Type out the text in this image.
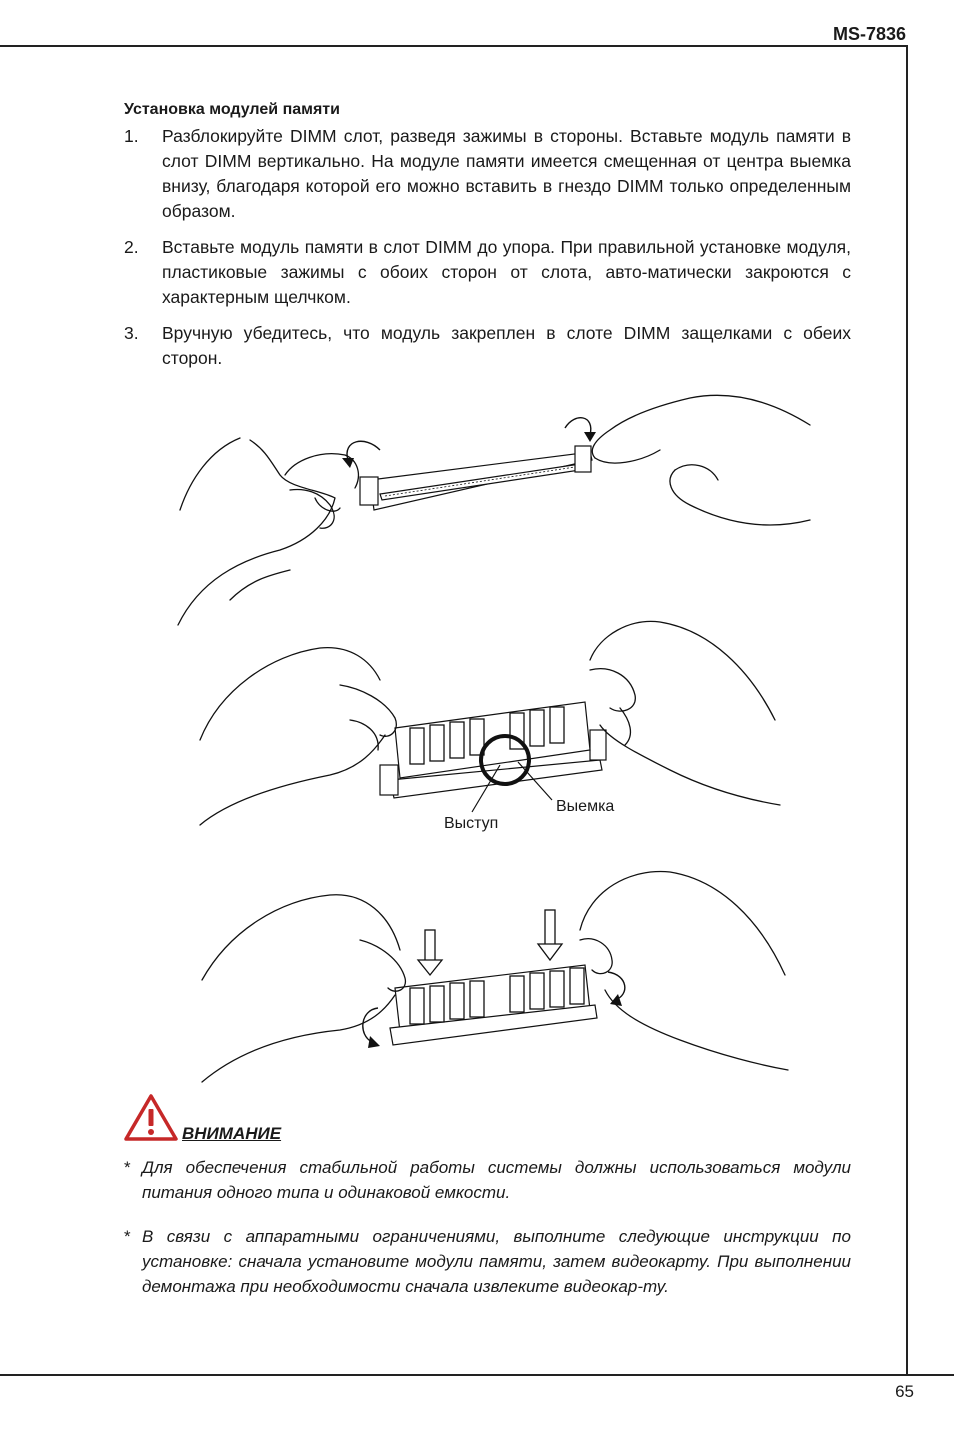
MS-7836
Установка модулей памяти
1. Разблокируйте DIMM слот, разведя зажимы в стороны. Вставьте модуль памяти в слот DIMM вертикально. На модуле памяти имеется смещенная от центра выемка внизу, благодаря которой его можно вставить в гнездо DIMM только определенным образом.
2. Вставьте модуль памяти в слот DIMM до упора. При правильной установке модуля, пластиковые зажимы с обоих сторон от слота, авто-матически закроются с характерным щелчком.
3. Вручную убедитесь, что модуль закреплен в слоте DIMM защелками с обеих сторон.
Выемка
Выступ
ВНИМАНИЕ
* Для обеспечения стабильной работы системы должны использоваться модули питания одного типа и одинаковой емкости.
* В связи с аппаратными ограничениями, выполните следующие инструкции по установке: сначала установите модули памяти, затем видеокарту. При выполнении демонтажа при необходимости сначала извлеките видеокар-ту.
65
